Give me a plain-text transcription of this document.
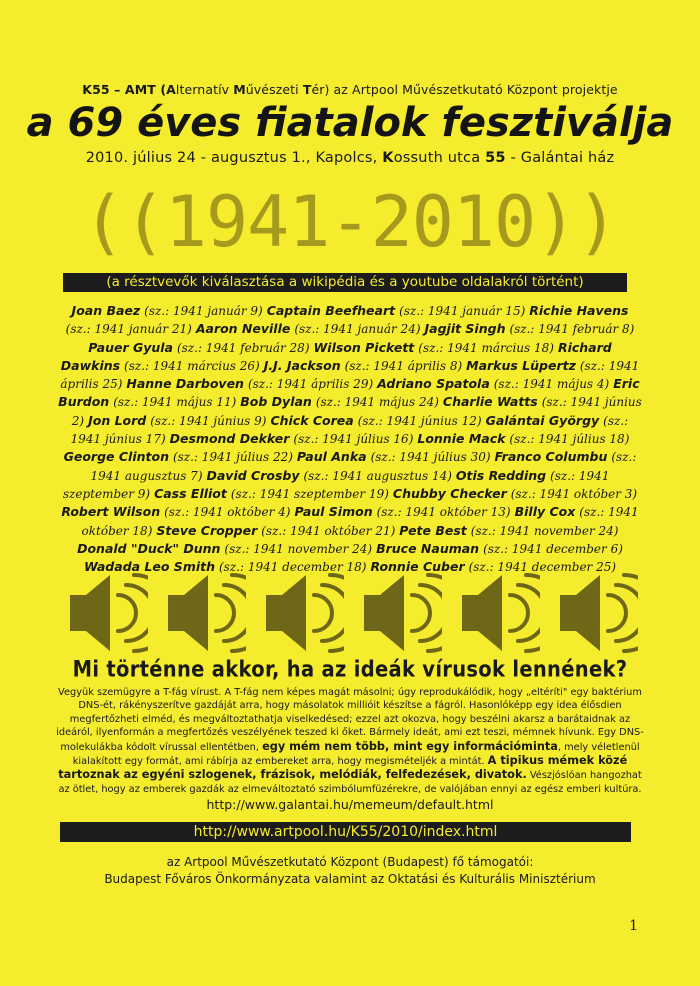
K55 – AMT (Alternatív Művészeti Tér) az Artpool Művészetkutató Központ projektje
a 69 éves fiatalok fesztiválja
2010. július 24 - augusztus 1., Kapolcs, Kossuth utca 55 - Galántai ház
((1941-2010))
(a résztvevők kiválasztása a wikipédia és a youtube oldalakról történt)
Joan Baez (sz.: 1941 január 9) Captain Beefheart (sz.: 1941 január 15) Richie Havens (sz.: 1941 január 21) Aaron Neville (sz.: 1941 január 24) Jagjit Singh (sz.: 1941 február 8) Pauer Gyula (sz.: 1941 február 28) Wilson Pickett (sz.: 1941 március 18) Richard Dawkins (sz.: 1941 március 26) J.J. Jackson (sz.: 1941 április 8) Markus Lüpertz (sz.: 1941 április 25) Hanne Darboven (sz.: 1941 április 29) Adriano Spatola (sz.: 1941 május 4) Eric Burdon (sz.: 1941 május 11) Bob Dylan (sz.: 1941 május 24) Charlie Watts (sz.: 1941 június 2) Jon Lord (sz.: 1941 június 9) Chick Corea (sz.: 1941 június 12) Galántai György (sz.: 1941 június 17) Desmond Dekker (sz.: 1941 július 16) Lonnie Mack (sz.: 1941 július 18) George Clinton (sz.: 1941 július 22) Paul Anka (sz.: 1941 július 30) Franco Columbu (sz.: 1941 augusztus 7) David Crosby (sz.: 1941 augusztus 14) Otis Redding (sz.: 1941 szeptember 9) Cass Elliot (sz.: 1941 szeptember 19) Chubby Checker (sz.: 1941 október 3) Robert Wilson (sz.: 1941 október 4) Paul Simon (sz.: 1941 október 13) Billy Cox (sz.: 1941 október 18) Steve Cropper (sz.: 1941 október 21) Pete Best (sz.: 1941 november 24) Donald "Duck" Dunn (sz.: 1941 november 24) Bruce Nauman (sz.: 1941 december 6) Wadada Leo Smith (sz.: 1941 december 18) Ronnie Cuber (sz.: 1941 december 25)
Mi történne akkor, ha az ideák vírusok lennének?
Vegyük szemügyre a T-fág vírust. A T-fág nem képes magát másolni; úgy reprodukálódik, hogy „eltéríti" egy baktérium DNS-ét, rákényszerítve gazdáját arra, hogy másolatok millióit készítse a fágról. Hasonlóképp egy idea élősdien megfertőzheti elméd, és megváltoztathatja viselkedésed; ezzel azt okozva, hogy beszélni akarsz a barátaidnak az ideáról, ilyenformán a megfertőzés veszélyének teszed ki őket. Bármely ideát, ami ezt teszi, mémnek hívunk. Egy DNS-molekulákba kódolt vírussal ellentétben, egy mém nem több, mint egy információminta, mely véletlenül kialakított egy formát, ami rábírja az embereket arra, hogy megismételjék a mintát. A tipikus mémek közé tartoznak az egyéni szlogenek, frázisok, melódiák, felfedezések, divatok. Vészjóslóan hangozhat az ötlet, hogy az emberek gazdák az elmeváltoztató szimbólumfüzérekre, de valójában ennyi az egész emberi kultúra.
http://www.galantai.hu/memeum/default.html
http://www.artpool.hu/K55/2010/index.html
az Artpool Művészetkutató Központ (Budapest) fő támogatói:
Budapest Főváros Önkormányzata valamint az Oktatási és Kulturális Minisztérium
1
